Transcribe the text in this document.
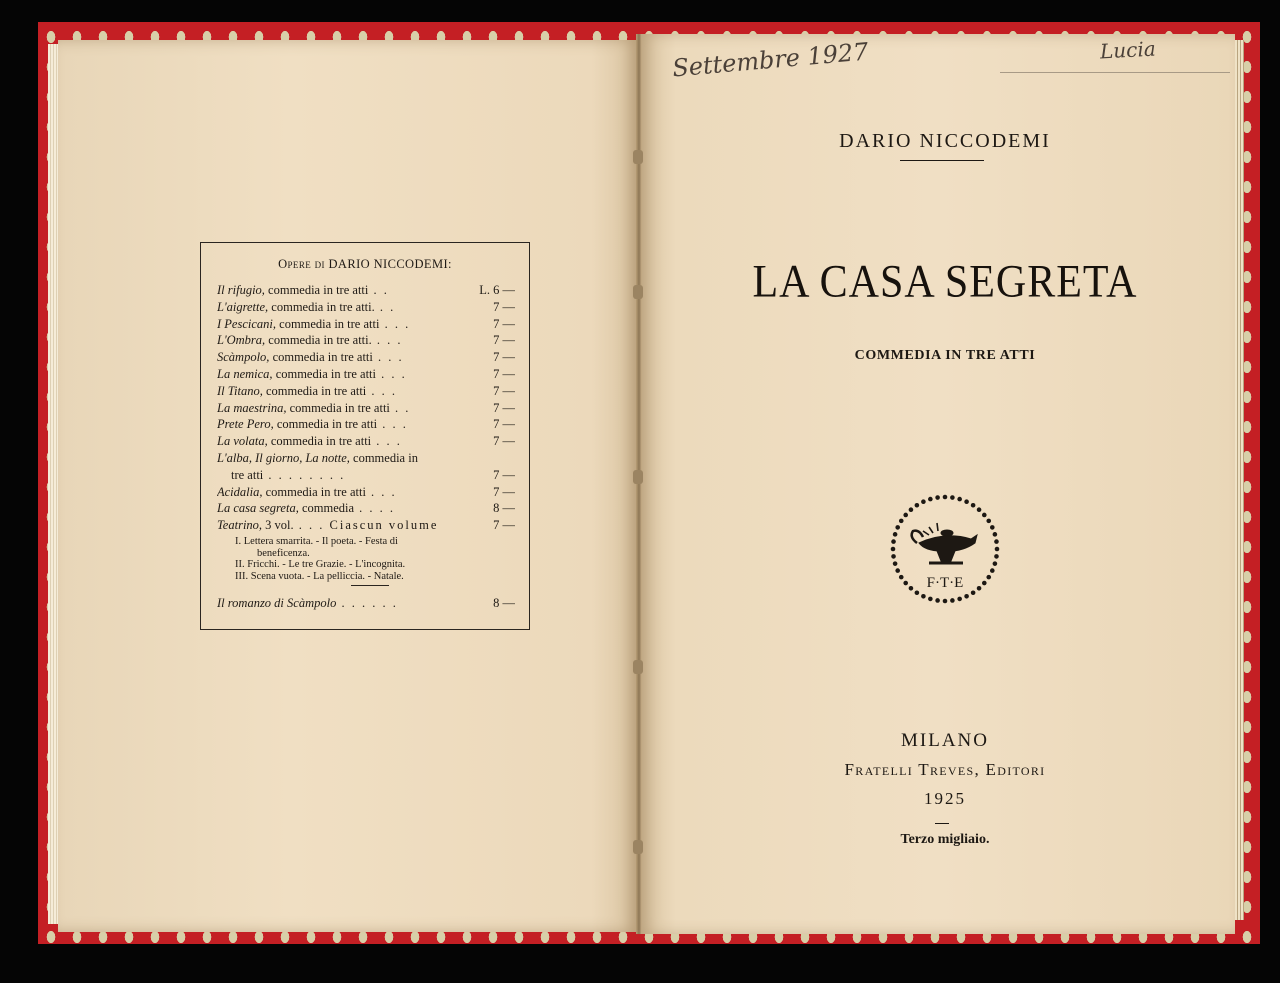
Opere di DARIO NICCODEMI:
Il rifugio, commedia in tre atti . .	L. 6 —
L'aigrette, commedia in tre atti. . .	7 —
I Pescicani, commedia in tre atti . . .	7 —
L'Ombra, commedia in tre atti. . . .	7 —
Scàmpolo, commedia in tre atti . . .	7 —
La nemica, commedia in tre atti . . .	7 —
Il Titano, commedia in tre atti . . .	7 —
La maestrina, commedia in tre atti . .	7 —
Prete Pero, commedia in tre atti . . .	7 —
La volata, commedia in tre atti . . .	7 —
L'alba, Il giorno, La notte, commedia in
tre atti . . . . . . . .	7 —
Acidalia, commedia in tre atti . . .	7 —
La casa segreta, commedia . . . .	8 —
Teatrino, 3 vol. . . . Ciascun volume	7 —
I. Lettera smarrita. - Il poeta. - Festa di
beneficenza.
II. Fricchi. - Le tre Grazie. - L'incognita.
III. Scena vuota. - La pelliccia. - Natale.
Il romanzo di Scàmpolo . . . . . .	8 —
Settembre 1927	Lucia
DARIO NICCODEMI
LA CASA SEGRETA
COMMEDIA IN TRE ATTI
F·T·E
MILANO
Fratelli Treves, Editori
1925
Terzo migliaio.
